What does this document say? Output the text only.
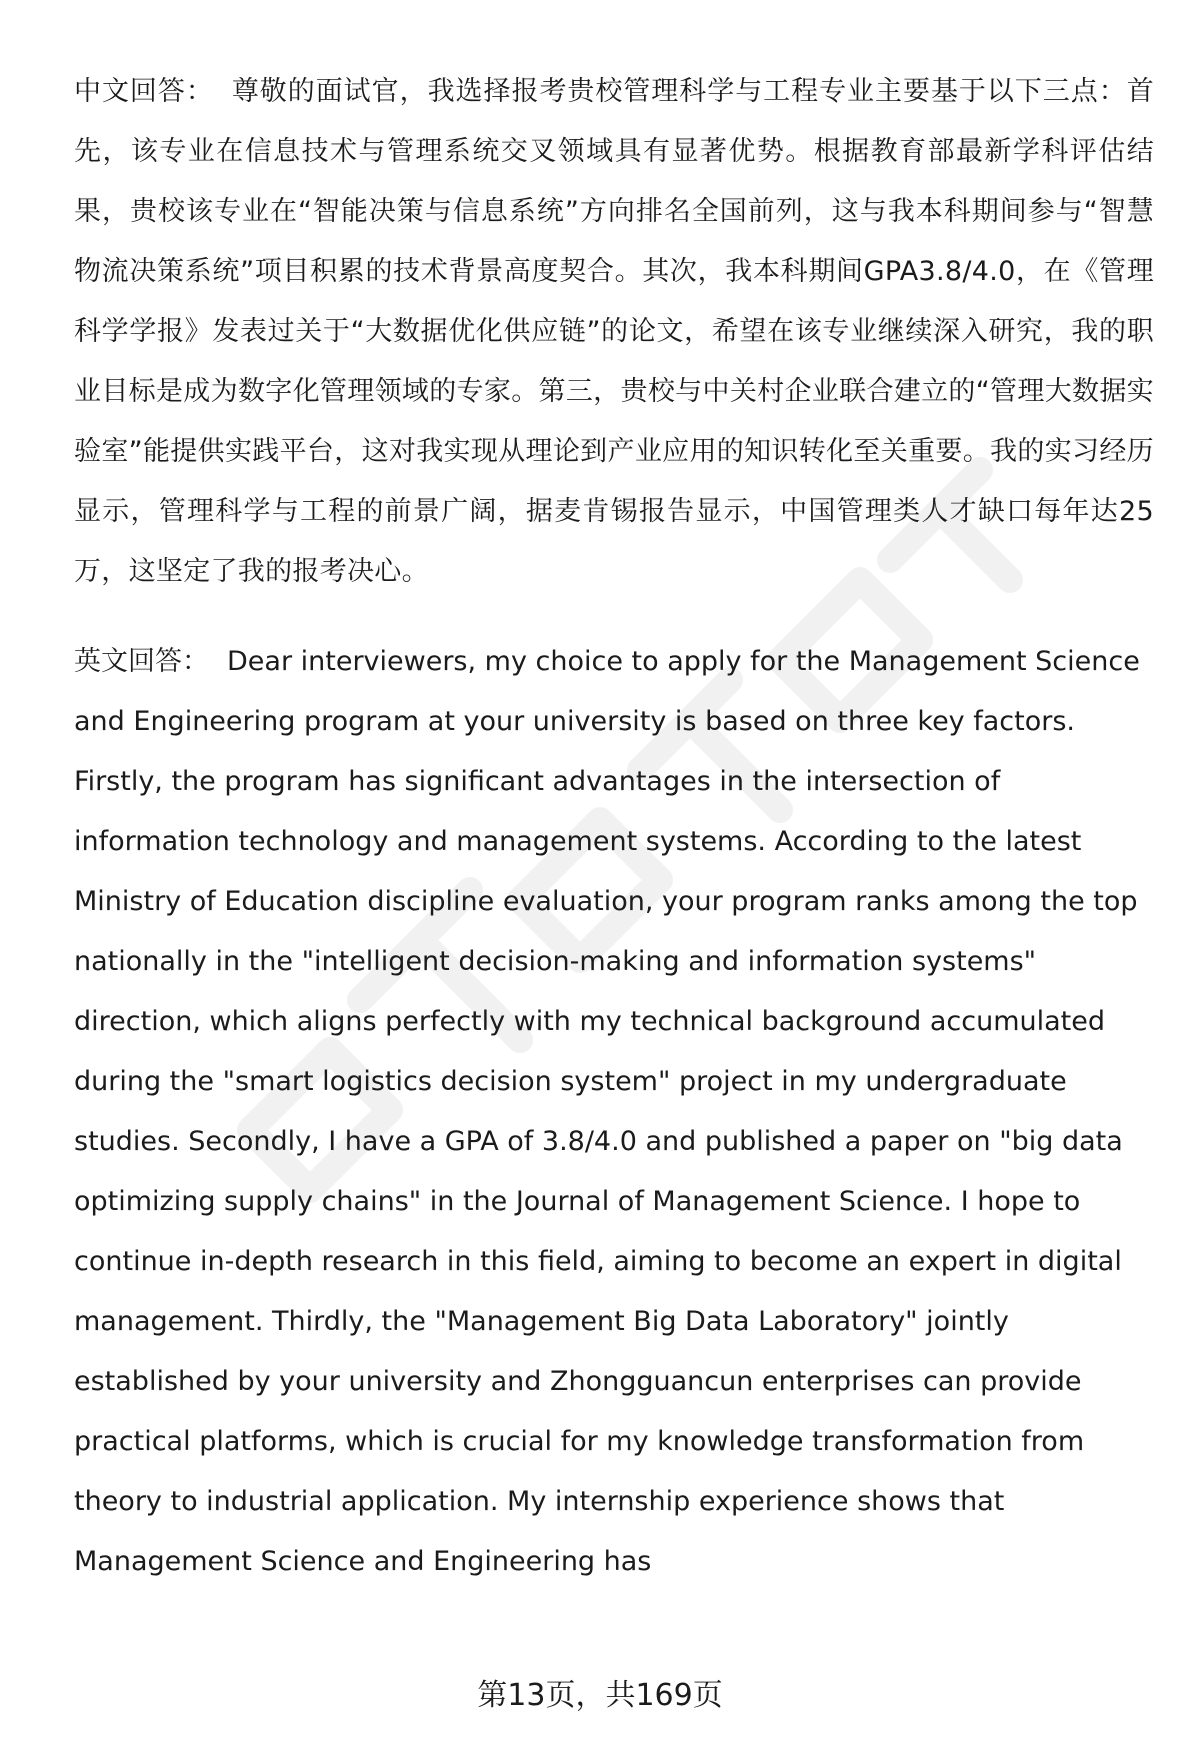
中文回答： 尊敬的面试官，我选择报考贵校管理科学与工程专业主要基于以下三点：首先，该专业在信息技术与管理系统交叉领域具有显著优势。根据教育部最新学科评估结果，贵校该专业在“智能决策与信息系统”方向排名全国前列，这与我本科期间参与“智慧物流决策系统”项目积累的技术背景高度契合。其次，我本科期间GPA3.8/4.0，在《管理科学学报》发表过关于“大数据优化供应链”的论文，希望在该专业继续深入研究，我的职业目标是成为数字化管理领域的专家。第三，贵校与中关村企业联合建立的“管理大数据实验室”能提供实践平台，这对我实现从理论到产业应用的知识转化至关重要。我的实习经历显示，管理科学与工程的前景广阔，据麦肯锡报告显示，中国管理类人才缺口每年达25万，这坚定了我的报考决心。

英文回答： Dear interviewers, my choice to apply for the Management Science and Engineering program at your university is based on three key factors. Firstly, the program has significant advantages in the intersection of information technology and management systems. According to the latest Ministry of Education discipline evaluation, your program ranks among the top nationally in the "intelligent decision-making and information systems" direction, which aligns perfectly with my technical background accumulated during the "smart logistics decision system" project in my undergraduate studies. Secondly, I have a GPA of 3.8/4.0 and published a paper on "big data optimizing supply chains" in the Journal of Management Science. I hope to continue in-depth research in this field, aiming to become an expert in digital management. Thirdly, the "Management Big Data Laboratory" jointly established by your university and Zhongguancun enterprises can provide practical platforms, which is crucial for my knowledge transformation from theory to industrial application. My internship experience shows that Management Science and Engineering has

第13页，共169页
